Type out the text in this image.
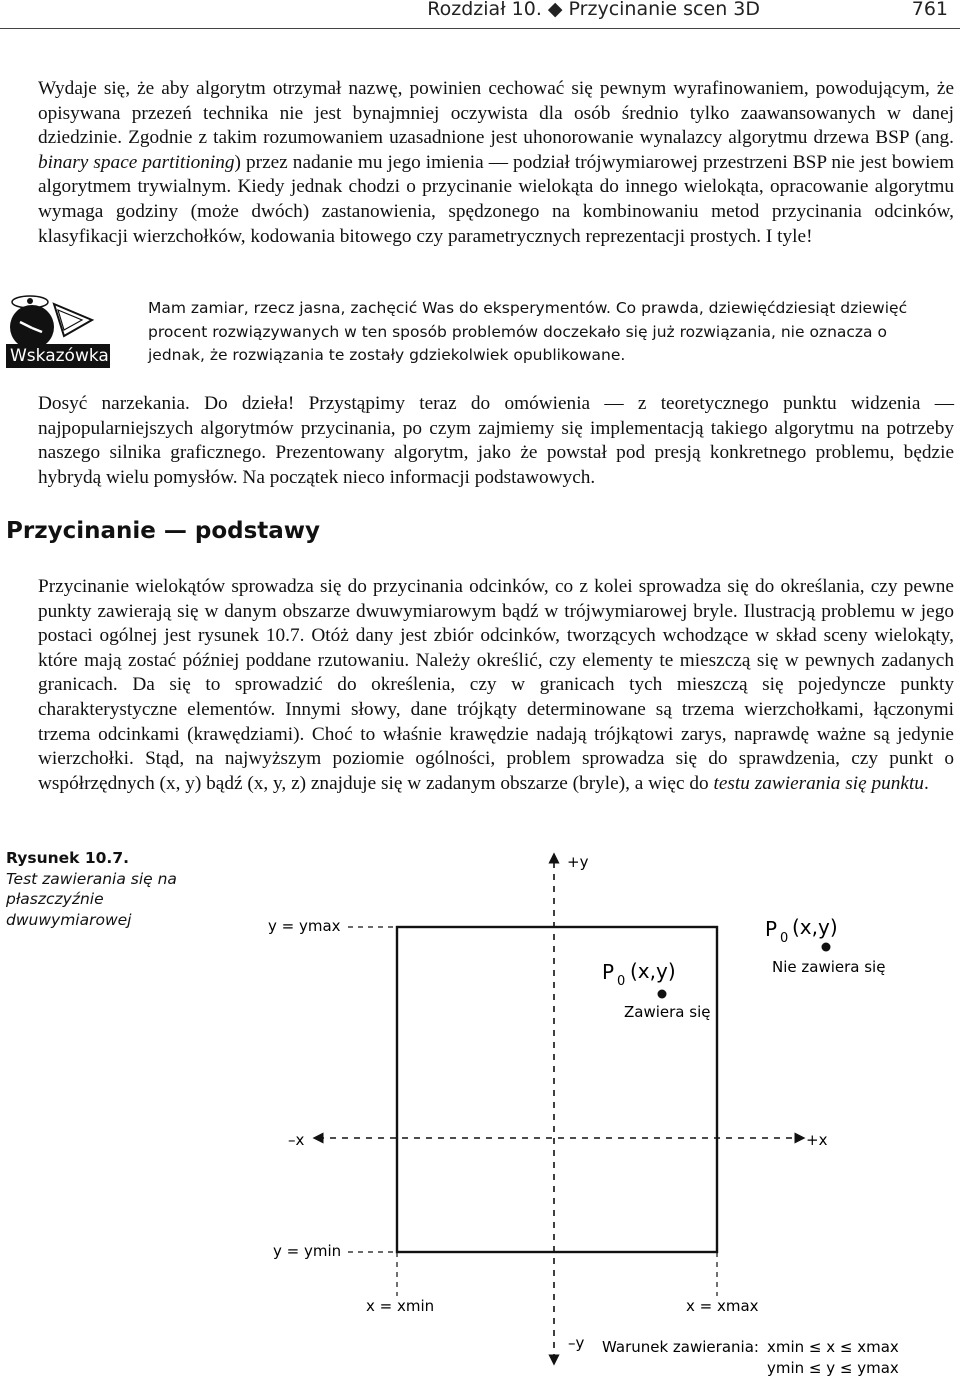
Rozdział 10. ◆ Przycinanie scen 3D	761

Wydaje się, że aby algorytm otrzymał nazwę, powinien cechować się pewnym wyrafinowaniem, powodującym, że opisywana przezeń technika nie jest bynajmniej oczywista dla osób średnio tylko zaawansowanych w danej dziedzinie. Zgodnie z takim rozumowaniem uzasadnione jest uhonorowanie wynalazcy algorytmu drzewa BSP (ang. binary space partitioning) przez nadanie mu jego imienia — podział trójwymiarowej przestrzeni BSP nie jest bowiem algorytmem trywialnym. Kiedy jednak chodzi o przycinanie wielokąta do innego wielokąta, opracowanie algorytmu wymaga godziny (może dwóch) zastanowienia, spędzonego na kombinowaniu metod przycinania odcinków, klasyfikacji wierzchołków, kodowania bitowego czy parametrycznych reprezentacji prostych. I tyle!

Wskazówka

Mam zamiar, rzecz jasna, zachęcić Was do eksperymentów. Co prawda, dziewięćdziesiąt dziewięć procent rozwiązywanych w ten sposób problemów doczekało się już rozwiązania, nie oznacza o jednak, że rozwiązania te zostały gdziekolwiek opublikowane.

Dosyć narzekania. Do dzieła! Przystąpimy teraz do omówienia — z teoretycznego punktu widzenia — najpopularniejszych algorytmów przycinania, po czym zajmiemy się implementacją takiego algorytmu na potrzeby naszego silnika graficznego. Prezentowany algorytm, jako że powstał pod presją konkretnego problemu, będzie hybrydą wielu pomysłów. Na początek nieco informacji podstawowych.

Przycinanie — podstawy

Przycinanie wielokątów sprowadza się do przycinania odcinków, co z kolei sprowadza się do określania, czy pewne punkty zawierają się w danym obszarze dwuwymiarowym bądź w trójwymiarowej bryle. Ilustracją problemu w jego postaci ogólnej jest rysunek 10.7. Otóż dany jest zbiór odcinków, tworzących wchodzące w skład sceny wielokąty, które mają zostać później poddane rzutowaniu. Należy określić, czy elementy te mieszczą się w pewnych zadanych granicach. Da się to sprowadzić do określenia, czy w granicach tych mieszczą się pojedyncze punkty charakterystyczne elementów. Innymi słowy, dane trójkąty determinowane są trzema wierzchołkami, łączonymi trzema odcinkami (krawędziami). Choć to właśnie krawędzie nadają trójkątowi zarys, naprawdę ważne są jedynie wierzchołki. Stąd, na najwyższym poziomie ogólności, problem sprowadza się do sprawdzenia, czy punkt o współrzędnych (x, y) bądź (x, y, z) znajduje się w zadanym obszarze (bryle), a więc do testu zawierania się punktu.

Rysunek 10.7.
Test zawierania się na płaszczyźnie dwuwymiarowej
+y
–y
–x	+x
y = ymax
y = ymin
x = xmin	x = xmax
P 0 (x,y)
Zawiera się
P 0 (x,y)
Nie zawiera się
Warunek zawierania: xmin ≤ x ≤ xmax
ymin ≤ y ≤ ymax
